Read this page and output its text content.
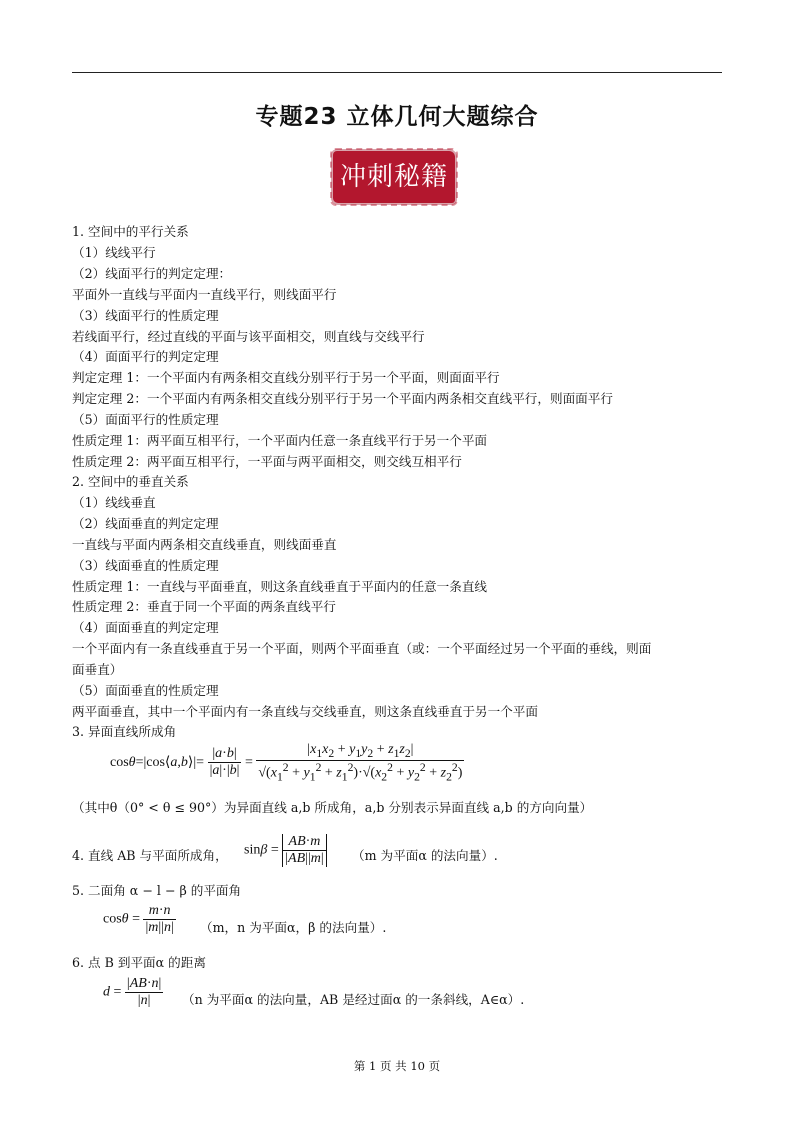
专题23 立体几何大题综合
冲刺秘籍
1. 空间中的平行关系
（1）线线平行
（2）线面平行的判定定理：
平面外一直线与平面内一直线平行，则线面平行
（3）线面平行的性质定理
若线面平行，经过直线的平面与该平面相交，则直线与交线平行
（4）面面平行的判定定理
判定定理 1：一个平面内有两条相交直线分别平行于另一个平面，则面面平行
判定定理 2：一个平面内有两条相交直线分别平行于另一个平面内两条相交直线平行，则面面平行
（5）面面平行的性质定理
性质定理 1：两平面互相平行，一个平面内任意一条直线平行于另一个平面
性质定理 2：两平面互相平行，一平面与两平面相交，则交线互相平行
2. 空间中的垂直关系
（1）线线垂直
（2）线面垂直的判定定理
一直线与平面内两条相交直线垂直，则线面垂直
（3）线面垂直的性质定理
性质定理 1：一直线与平面垂直，则这条直线垂直于平面内的任意一条直线
性质定理 2：垂直于同一个平面的两条直线平行
（4）面面垂直的判定定理
一个平面内有一条直线垂直于另一个平面，则两个平面垂直（或：一个平面经过另一个平面的垂线，则面
面垂直）
（5）面面垂直的性质定理
两平面垂直，其中一个平面内有一条直线与交线垂直，则这条直线垂直于另一个平面
3. 异面直线所成角
cosθ=|cos⟨a,b⟩|= $\frac{|a\cdot b|}{|a|\cdot|b|} = \frac{|x_1x_2 + y_1y_2 + z_1z_2|}{√(x_1^2 + y_1^2 + z_1^2)\cdot√(x_2^2 + y_2^2 + z_2^2)}$
（其中θ（0° < θ ≤ 90°）为异面直线 a,b 所成角，a,b 分别表示异面直线 a,b 的方向向量）
4. 直线 AB 与平面所成角， $\sin\beta = \frac{AB\cdot m}{|AB||m|} (m$ 为平面α 的法向量）.
5. 二面角 α − l − β 的平面角
$\cos\theta = \frac{m\cdot n}{|m||n|} (m$，n 为平面α，β 的法向量）.
6. 点 B 到平面α 的距离
$d = \frac{|AB\cdot n|}{|n|} (n$ 为平面α 的法向量，AB 是经过面α 的一条斜线，A∈α）.
第 1 页 共 10 页
